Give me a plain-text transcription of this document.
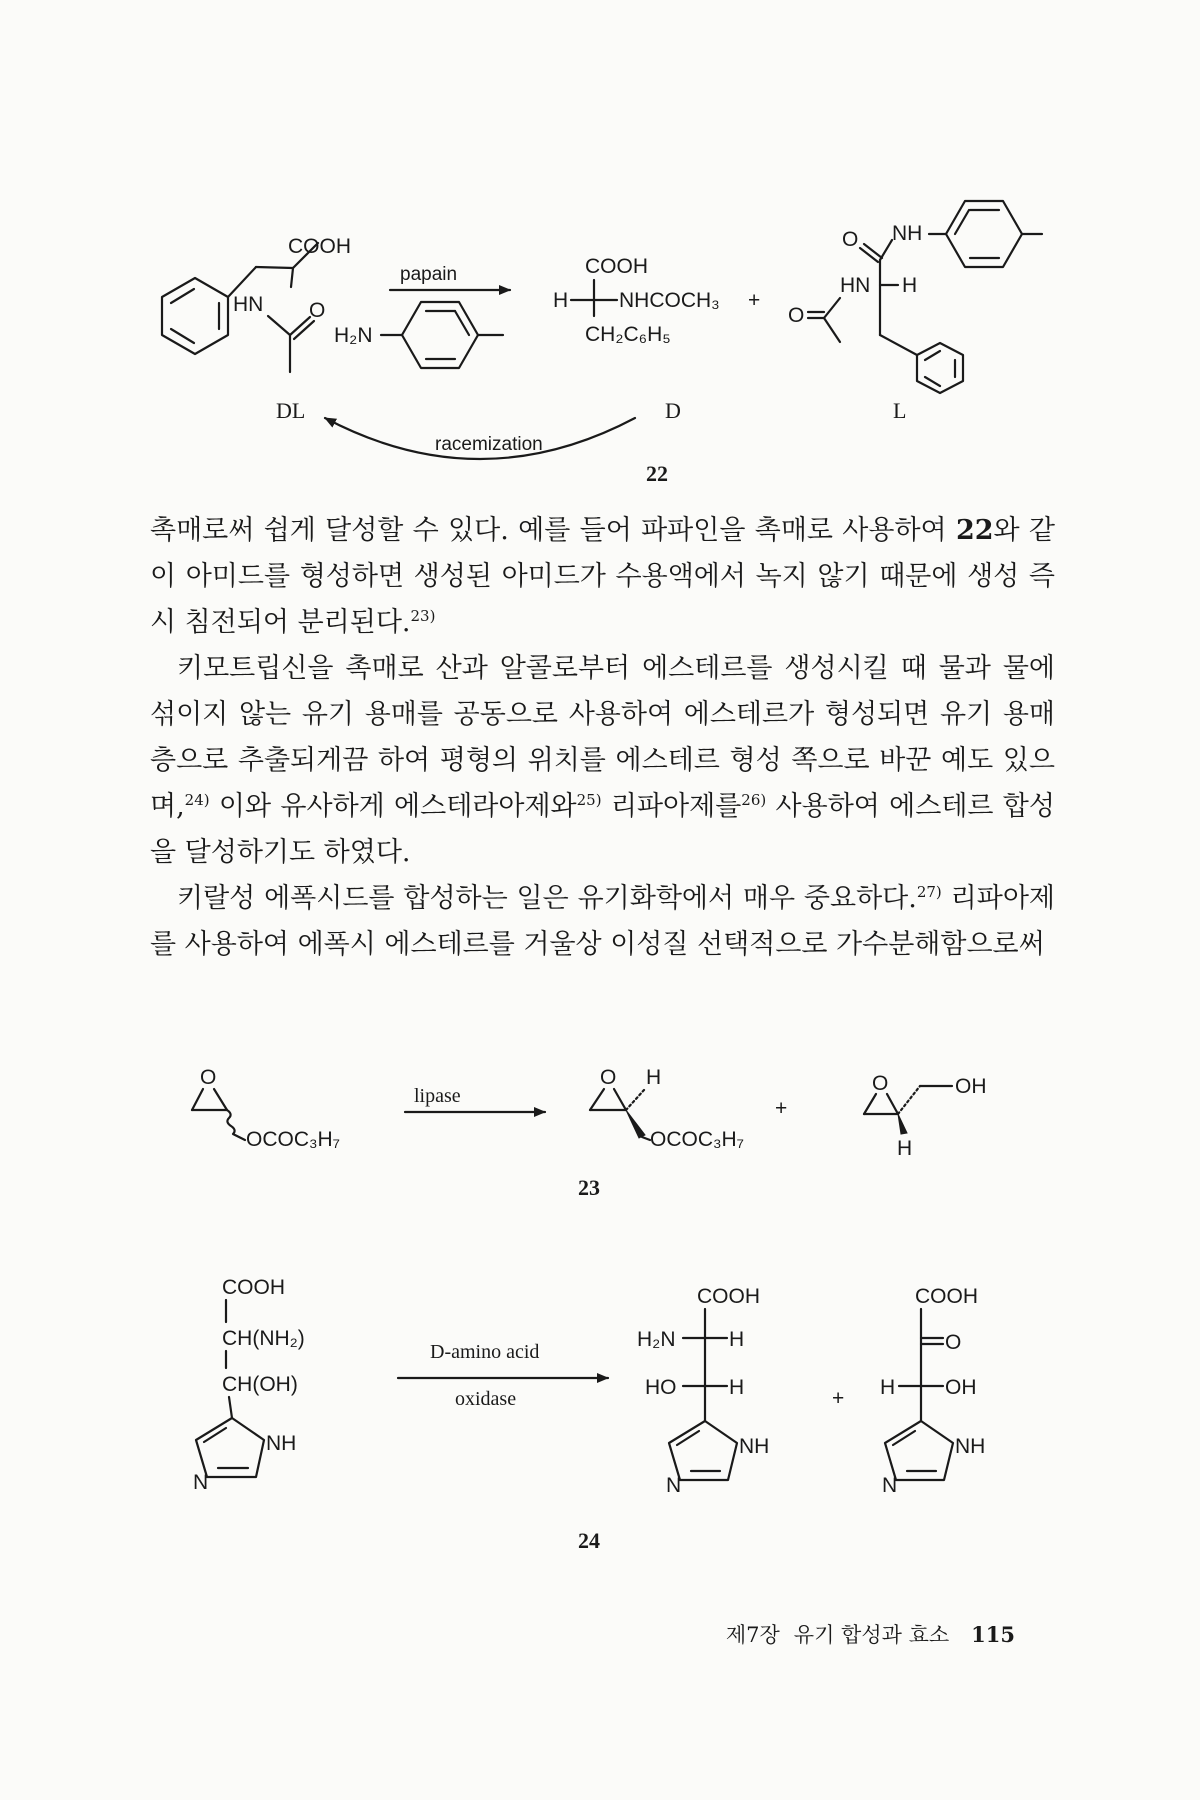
COOH
HN O
H₂N
papain	COOH
H NHCOCH₃
CH₂C₆H₅
+
O NH
HN H
O
DL	D	L
racemization
22

촉매로써 쉽게 달성할 수 있다. 예를 들어 파파인을 촉매로 사용하여 22와 같이 아미드를 형성하면 생성된 아미드가 수용액에서 녹지 않기 때문에 생성 즉시 침전되어 분리된다.$^{23)}$

키모트립신을 촉매로 산과 알콜로부터 에스테르를 생성시킬 때 물과 물에 섞이지 않는 유기 용매를 공동으로 사용하여 에스테르가 형성되면 유기 용매층으로 추출되게끔 하여 평형의 위치를 에스테르 형성 쪽으로 바꾼 예도 있으며,$^{24)}$ 이와 유사하게 에스테라아제와$^{25)}$ 리파아제를$^{26)}$ 사용하여 에스테르 합성을 달성하기도 하였다.

키랄성 에폭시드를 합성하는 일은 유기화학에서 매우 중요하다.$^{27)}$ 리파아제를 사용하여 에폭시 에스테르를 거울상 이성질 선택적으로 가수분해함으로써

O
OCOC₃H₇
lipase
O H
OCOC₃H₇
+
O	OH
H
23
COOH
CH(NH₂)
CH(OH)
NH
N
D-amino acid
oxidase
COOH
H₂N	H
HO	H
NH
N
+
COOH
O
H OH
NH
N
24
제7장 유기 합성과 효소 115
